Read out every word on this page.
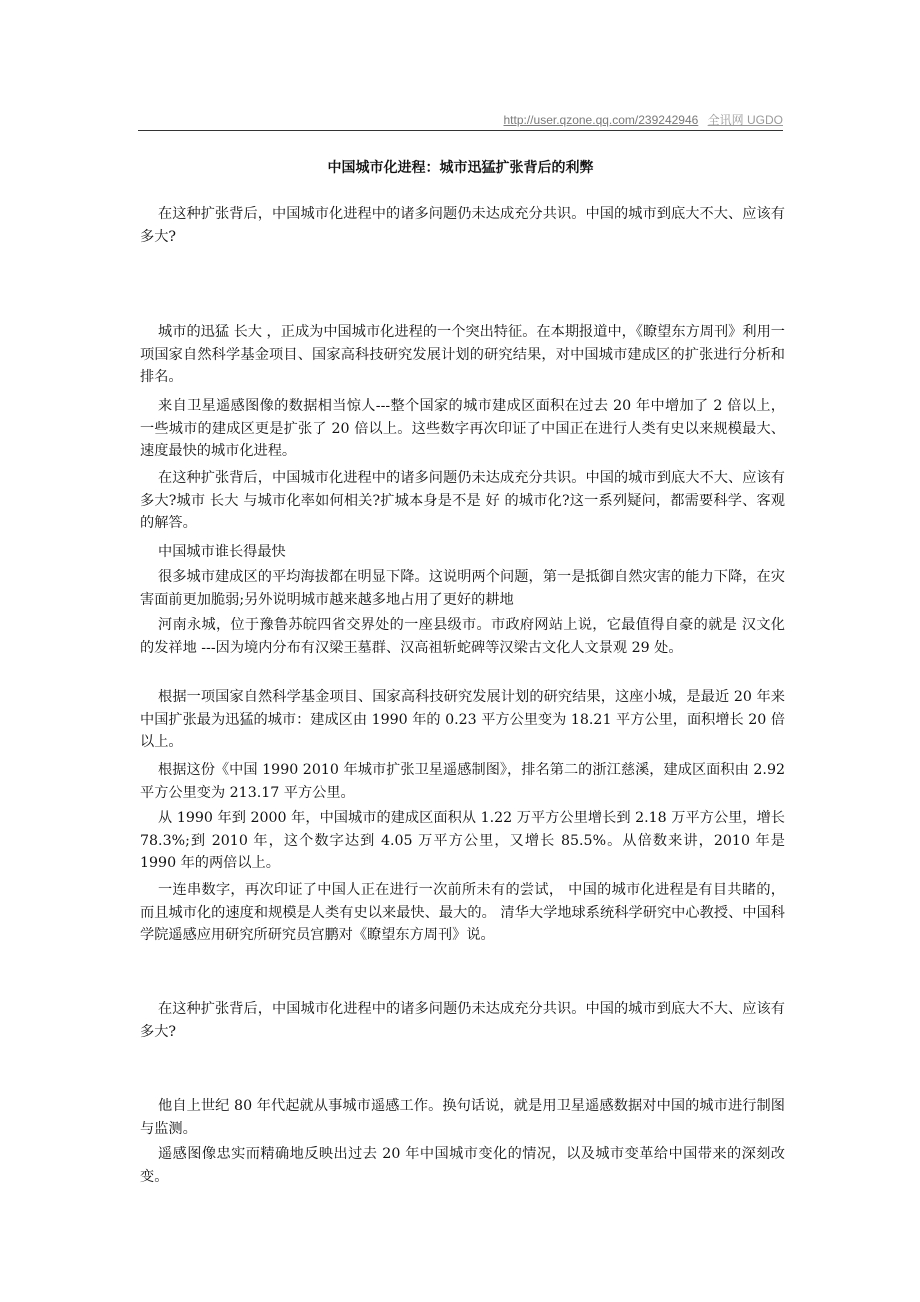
http://user.qzone.qq.com/239242946 全讯网 UGDO
中国城市化进程：城市迅猛扩张背后的利弊

在这种扩张背后，中国城市化进程中的诸多问题仍未达成充分共识。中国的城市到底大不大、应该有多大?

城市的迅猛 长大 ，正成为中国城市化进程的一个突出特征。在本期报道中，《瞭望东方周刊》利用一项国家自然科学基金项目、国家高科技研究发展计划的研究结果，对中国城市建成区的扩张进行分析和排名。

来自卫星遥感图像的数据相当惊人---整个国家的城市建成区面积在过去 20 年中增加了 2 倍以上，一些城市的建成区更是扩张了 20 倍以上。这些数字再次印证了中国正在进行人类有史以来规模最大、速度最快的城市化进程。

在这种扩张背后，中国城市化进程中的诸多问题仍未达成充分共识。中国的城市到底大不大、应该有多大?城市 长大 与城市化率如何相关?扩城本身是不是 好 的城市化?这一系列疑问，都需要科学、客观的解答。

中国城市谁长得最快

很多城市建成区的平均海拔都在明显下降。这说明两个问题，第一是抵御自然灾害的能力下降，在灾害面前更加脆弱;另外说明城市越来越多地占用了更好的耕地

河南永城，位于豫鲁苏皖四省交界处的一座县级市。市政府网站上说，它最值得自豪的就是 汉文化的发祥地 ---因为境内分布有汉梁王墓群、汉高祖斩蛇碑等汉梁古文化人文景观 29 处。

根据一项国家自然科学基金项目、国家高科技研究发展计划的研究结果，这座小城，是最近 20 年来中国扩张最为迅猛的城市：建成区由 1990 年的 0.23 平方公里变为 18.21 平方公里，面积增长 20 倍以上。

根据这份《中国 1990 2010 年城市扩张卫星遥感制图》，排名第二的浙江慈溪，建成区面积由 2.92 平方公里变为 213.17 平方公里。

从 1990 年到 2000 年，中国城市的建成区面积从 1.22 万平方公里增长到 2.18 万平方公里，增长 78.3%;到 2010 年，这个数字达到 4.05 万平方公里，又增长 85.5%。从倍数来讲，2010 年是 1990 年的两倍以上。

一连串数字，再次印证了中国人正在进行一次前所未有的尝试， 中国的城市化进程是有目共睹的，而且城市化的速度和规模是人类有史以来最快、最大的。 清华大学地球系统科学研究中心教授、中国科学院遥感应用研究所研究员宫鹏对《瞭望东方周刊》说。

在这种扩张背后，中国城市化进程中的诸多问题仍未达成充分共识。中国的城市到底大不大、应该有多大?

他自上世纪 80 年代起就从事城市遥感工作。换句话说，就是用卫星遥感数据对中国的城市进行制图与监测。

遥感图像忠实而精确地反映出过去 20 年中国城市变化的情况，以及城市变革给中国带来的深刻改变。
